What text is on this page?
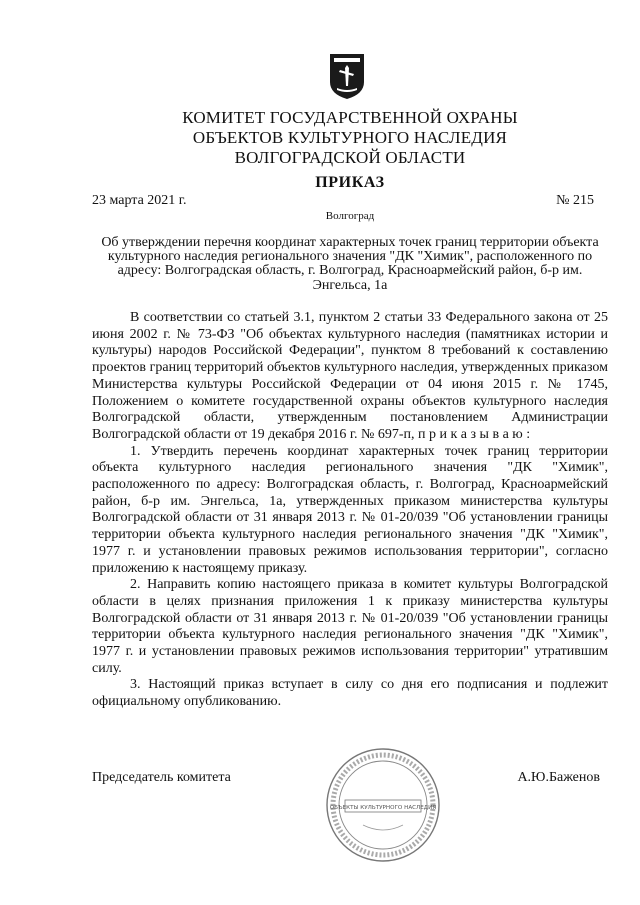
КОМИТЕТ ГОСУДАРСТВЕННОЙ ОХРАНЫ
ОБЪЕКТОВ КУЛЬТУРНОГО НАСЛЕДИЯ
ВОЛГОГРАДСКОЙ ОБЛАСТИ
ПРИКАЗ
23 марта 2021 г.	№ 215
Волгоград
Об утверждении перечня координат характерных точек границ территории объекта культурного наследия регионального значения "ДК "Химик", расположенного по адресу: Волгоградская область, г. Волгоград, Красноармейский район, б-р им. Энгельса, 1а

В соответствии со статьей 3.1, пунктом 2 статьи 33 Федерального закона от 25 июня 2002 г. № 73-ФЗ "Об объектах культурного наследия (памятниках истории и культуры) народов Российской Федерации", пунктом 8 требований к составлению проектов границ территорий объектов культурного наследия, утвержденных приказом Министерства культуры Российской Федерации от 04 июня 2015 г. № 1745, Положением о комитете государственной охраны объектов культурного наследия Волгоградской области, утвержденным постановлением Администрации Волгоградской области от 19 декабря 2016 г. № 697-п, п р и к а з ы в а ю :

1. Утвердить перечень координат характерных точек границ территории объекта культурного наследия регионального значения "ДК "Химик", расположенного по адресу: Волгоградская область, г. Волгоград, Красноармейский район, б-р им. Энгельса, 1а, утвержденных приказом министерства культуры Волгоградской области от 31 января 2013 г. № 01-20/039 "Об установлении границы территории объекта культурного наследия регионального значения "ДК "Химик", 1977 г. и установлении правовых режимов использования территории", согласно приложению к настоящему приказу.

2. Направить копию настоящего приказа в комитет культуры Волгоградской области в целях признания приложения 1 к приказу министерства культуры Волгоградской области от 31 января 2013 г. № 01-20/039 "Об установлении границы территории объекта культурного наследия регионального значения "ДК "Химик", 1977 г. и установлении правовых режимов использования территории" утратившим силу.

3. Настоящий приказ вступает в силу со дня его подписания и подлежит официальному опубликованию.

Председатель комитета
ОБЪЕКТЫ КУЛЬТУРНОГО НАСЛЕДИЯ
А.Ю.Баженов
